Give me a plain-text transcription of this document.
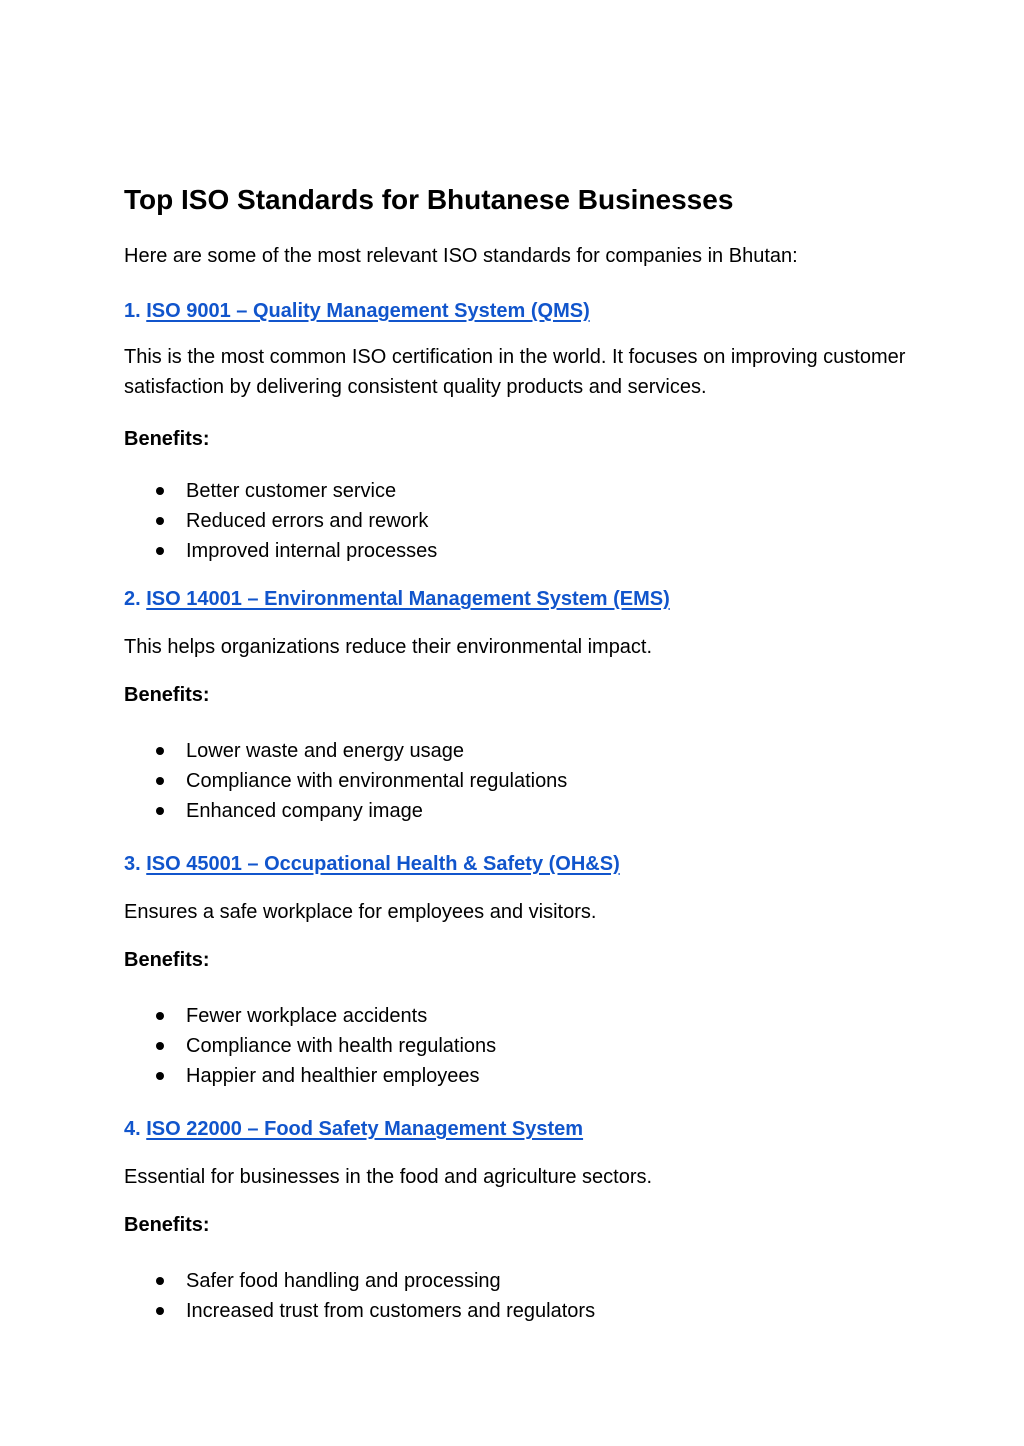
Top ISO Standards for Bhutanese Businesses

Here are some of the most relevant ISO standards for companies in Bhutan:

1. ISO 9001 – Quality Management System (QMS)

This is the most common ISO certification in the world. It focuses on improving customer satisfaction by delivering consistent quality products and services.

Benefits:

Better customer service
Reduced errors and rework
Improved internal processes

2. ISO 14001 – Environmental Management System (EMS)

This helps organizations reduce their environmental impact.

Benefits:

Lower waste and energy usage
Compliance with environmental regulations
Enhanced company image

3. ISO 45001 – Occupational Health & Safety (OH&S)

Ensures a safe workplace for employees and visitors.

Benefits:

Fewer workplace accidents
Compliance with health regulations
Happier and healthier employees

4. ISO 22000 – Food Safety Management System

Essential for businesses in the food and agriculture sectors.

Benefits:

Safer food handling and processing
Increased trust from customers and regulators
